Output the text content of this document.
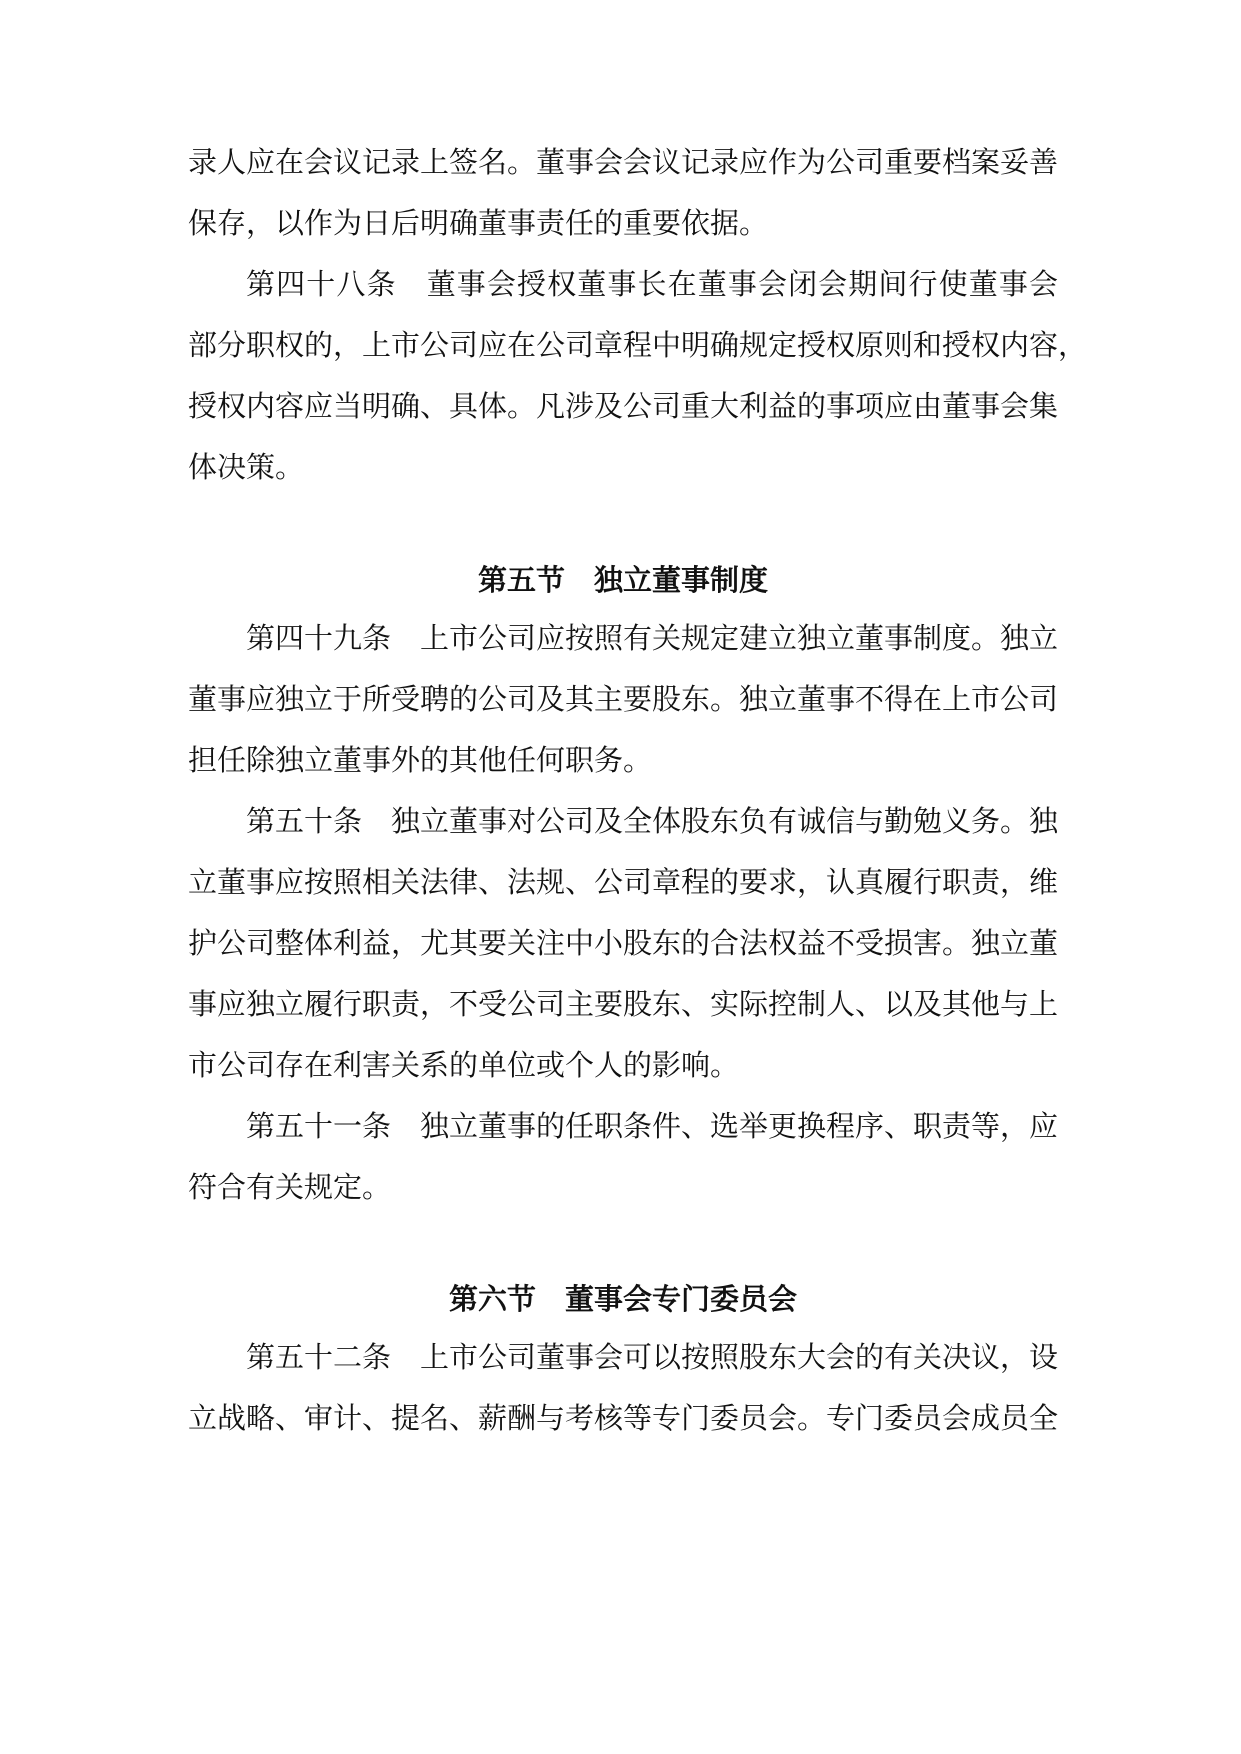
录人应在会议记录上签名。董事会会议记录应作为公司重要档案妥善
保存，以作为日后明确董事责任的重要依据。
第四十八条　董事会授权董事长在董事会闭会期间行使董事会
部分职权的，上市公司应在公司章程中明确规定授权原则和授权内容，
授权内容应当明确、具体。凡涉及公司重大利益的事项应由董事会集
体决策。
第五节　独立董事制度
第四十九条　上市公司应按照有关规定建立独立董事制度。独立
董事应独立于所受聘的公司及其主要股东。独立董事不得在上市公司
担任除独立董事外的其他任何职务。
第五十条　独立董事对公司及全体股东负有诚信与勤勉义务。独
立董事应按照相关法律、法规、公司章程的要求，认真履行职责，维
护公司整体利益，尤其要关注中小股东的合法权益不受损害。独立董
事应独立履行职责，不受公司主要股东、实际控制人、以及其他与上
市公司存在利害关系的单位或个人的影响。
第五十一条　独立董事的任职条件、选举更换程序、职责等，应
符合有关规定。
第六节　董事会专门委员会
第五十二条　上市公司董事会可以按照股东大会的有关决议，设
立战略、审计、提名、薪酬与考核等专门委员会。专门委员会成员全
